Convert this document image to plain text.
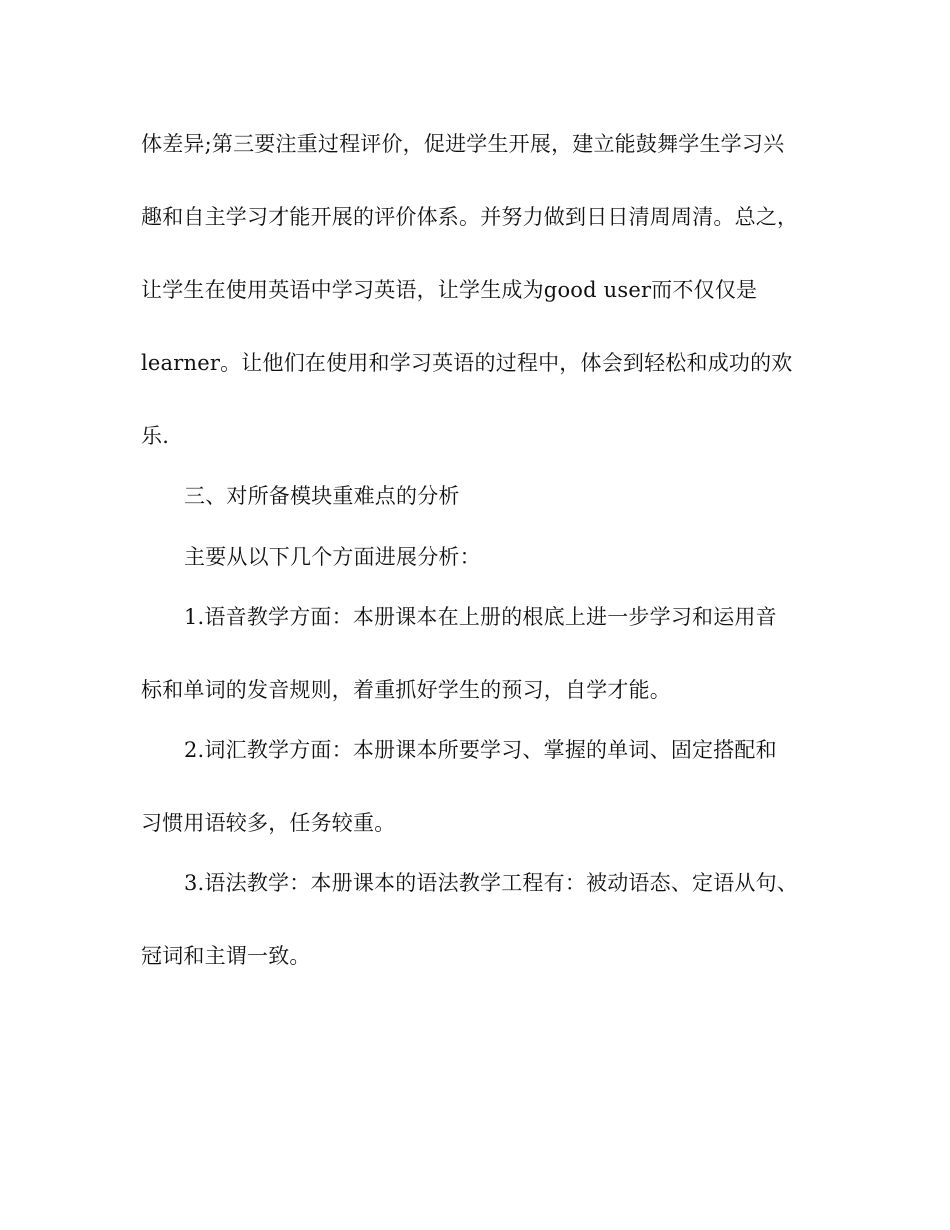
体差异;第三要注重过程评价，促进学生开展，建立能鼓舞学生学习兴
趣和自主学习才能开展的评价体系。并努力做到日日清周周清。总之，
让学生在使用英语中学习英语，让学生成为good user而不仅仅是
learner。让他们在使用和学习英语的过程中，体会到轻松和成功的欢
乐.
三、对所备模块重难点的分析
主要从以下几个方面进展分析：
1.语音教学方面：本册课本在上册的根底上进一步学习和运用音
标和单词的发音规则，着重抓好学生的预习，自学才能。
2.词汇教学方面：本册课本所要学习、掌握的单词、固定搭配和
习惯用语较多，任务较重。
3.语法教学：本册课本的语法教学工程有：被动语态、定语从句、
冠词和主谓一致。
